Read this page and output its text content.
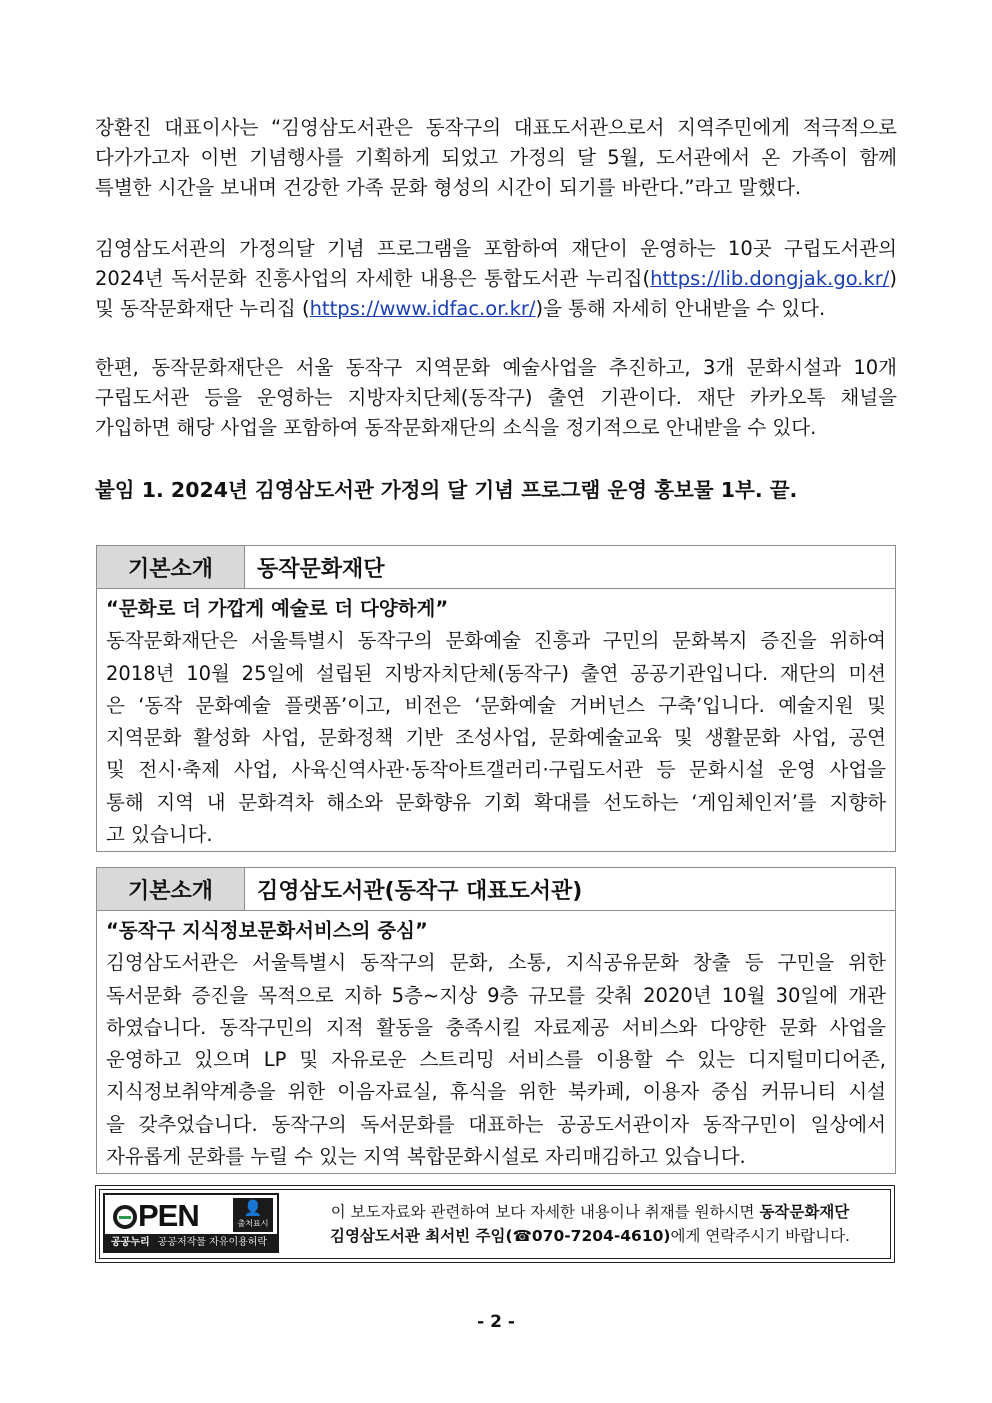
장환진 대표이사는 “김영삼도서관은 동작구의 대표도서관으로서 지역주민에게 적극적으로
다가가고자 이번 기념행사를 기획하게 되었고 가정의 달 5월, 도서관에서 온 가족이 함께
특별한 시간을 보내며 건강한 가족 문화 형성의 시간이 되기를 바란다.”라고 말했다.
김영삼도서관의 가정의달 기념 프로그램을 포함하여 재단이 운영하는 10곳 구립도서관의
2024년 독서문화 진흥사업의 자세한 내용은 통합도서관 누리집(https://lib.dongjak.go.kr/)
및 동작문화재단 누리집 (https://www.idfac.or.kr/)을 통해 자세히 안내받을 수 있다.
한편, 동작문화재단은 서울 동작구 지역문화 예술사업을 추진하고, 3개 문화시설과 10개
구립도서관 등을 운영하는 지방자치단체(동작구) 출연 기관이다. 재단 카카오톡 채널을
가입하면 해당 사업을 포함하여 동작문화재단의 소식을 정기적으로 안내받을 수 있다.
붙임 1. 2024년 김영삼도서관 가정의 달 기념 프로그램 운영 홍보물 1부. 끝.
기본소개	동작문화재단
“문화로 더 가깝게 예술로 더 다양하게”
동작문화재단은 서울특별시 동작구의 문화예술 진흥과 구민의 문화복지 증진을 위하여
2018년 10월 25일에 설립된 지방자치단체(동작구) 출연 공공기관입니다. 재단의 미션
은 ‘동작 문화예술 플랫폼’이고, 비전은 ‘문화예술 거버넌스 구축’입니다. 예술지원 및
지역문화 활성화 사업, 문화정책 기반 조성사업, 문화예술교육 및 생활문화 사업, 공연
및 전시·축제 사업, 사육신역사관·동작아트갤러리·구립도서관 등 문화시설 운영 사업을
통해 지역 내 문화격차 해소와 문화향유 기회 확대를 선도하는 ‘게임체인저’를 지향하
고 있습니다.
기본소개	김영삼도서관(동작구 대표도서관)
“동작구 지식정보문화서비스의 중심”
김영삼도서관은 서울특별시 동작구의 문화, 소통, 지식공유문화 창출 등 구민을 위한
독서문화 증진을 목적으로 지하 5층~지상 9층 규모를 갖춰 2020년 10월 30일에 개관
하였습니다. 동작구민의 지적 활동을 충족시킬 자료제공 서비스와 다양한 문화 사업을
운영하고 있으며 LP 및 자유로운 스트리밍 서비스를 이용할 수 있는 디지털미디어존,
지식정보취약계층을 위한 이음자료실, 휴식을 위한 북카페, 이용자 중심 커뮤니티 시설
을 갖추었습니다. 동작구의 독서문화를 대표하는 공공도서관이자 동작구민이 일상에서
자유롭게 문화를 누릴 수 있는 지역 복합문화시설로 자리매김하고 있습니다.
PEN	👤
출처표시
공공누리 공공저작물 자유이용허락
이 보도자료와 관련하여 보다 자세한 내용이나 취재를 원하시면 동작문화재단
김영삼도서관 최서빈 주임(☎070-7204-4610)에게 연락주시기 바랍니다.
- 2 -
